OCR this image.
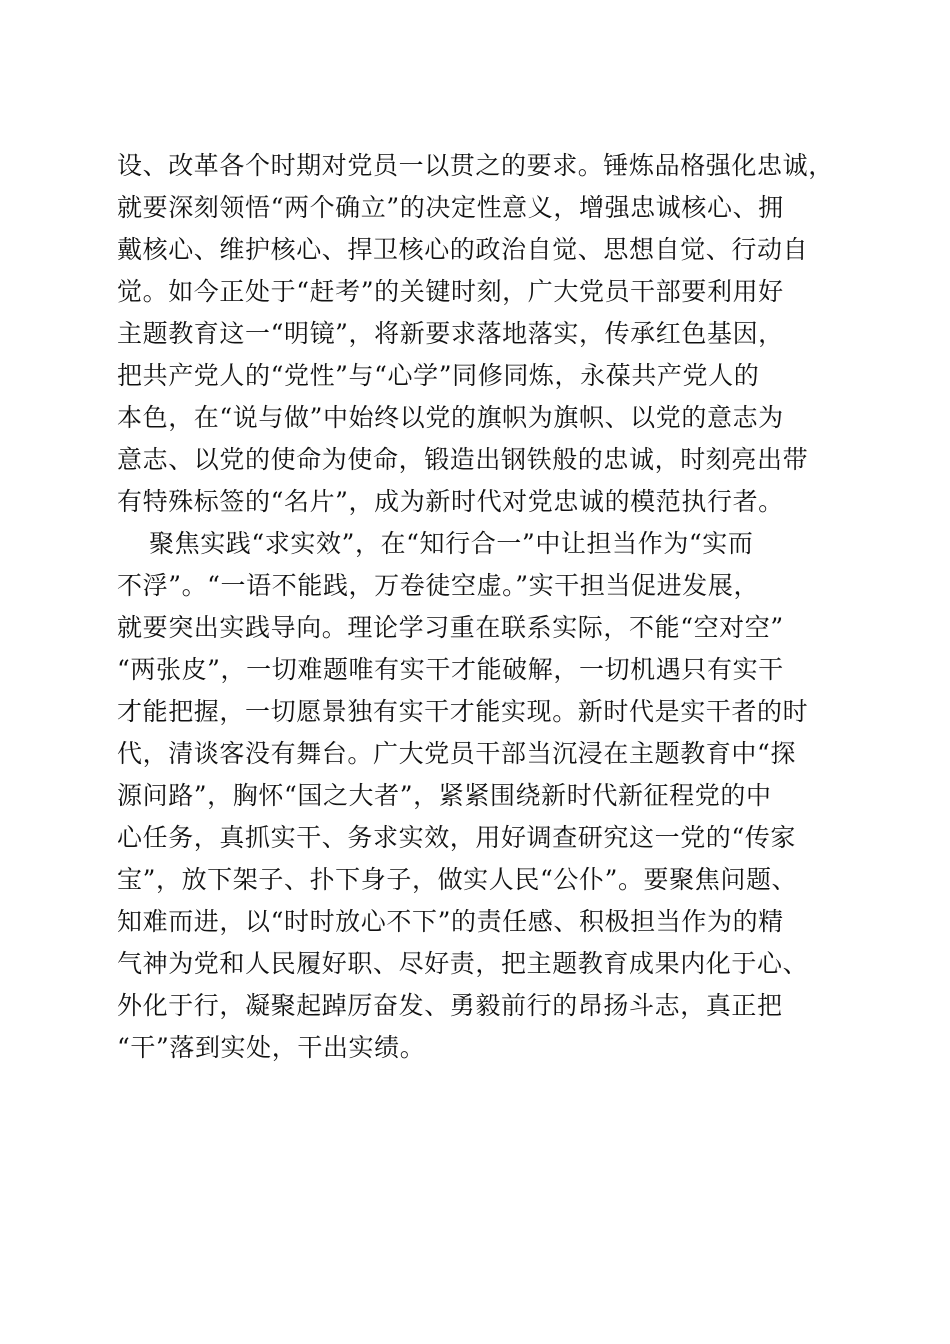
设、改革各个时期对党员一以贯之的要求。锤炼品格强化忠诚，
就要深刻领悟“两个确立”的决定性意义，增强忠诚核心、拥
戴核心、维护核心、捍卫核心的政治自觉、思想自觉、行动自
觉。如今正处于“赶考”的关键时刻，广大党员干部要利用好
主题教育这一“明镜”，将新要求落地落实，传承红色基因，
把共产党人的“党性”与“心学”同修同炼，永葆共产党人的
本色，在“说与做”中始终以党的旗帜为旗帜、以党的意志为
意志、以党的使命为使命，锻造出钢铁般的忠诚，时刻亮出带
有特殊标签的“名片”，成为新时代对党忠诚的模范执行者。
聚焦实践“求实效”，在“知行合一”中让担当作为“实而
不浮”。“一语不能践，万卷徒空虚。”实干担当促进发展，
就要突出实践导向。理论学习重在联系实际，不能“空对空”
“两张皮”，一切难题唯有实干才能破解，一切机遇只有实干
才能把握，一切愿景独有实干才能实现。新时代是实干者的时
代，清谈客没有舞台。广大党员干部当沉浸在主题教育中“探
源问路”，胸怀“国之大者”，紧紧围绕新时代新征程党的中
心任务，真抓实干、务求实效，用好调查研究这一党的“传家
宝”，放下架子、扑下身子，做实人民“公仆”。要聚焦问题、
知难而进，以“时时放心不下”的责任感、积极担当作为的精
气神为党和人民履好职、尽好责，把主题教育成果内化于心、
外化于行，凝聚起踔厉奋发、勇毅前行的昂扬斗志，真正把
“干”落到实处，干出实绩。
